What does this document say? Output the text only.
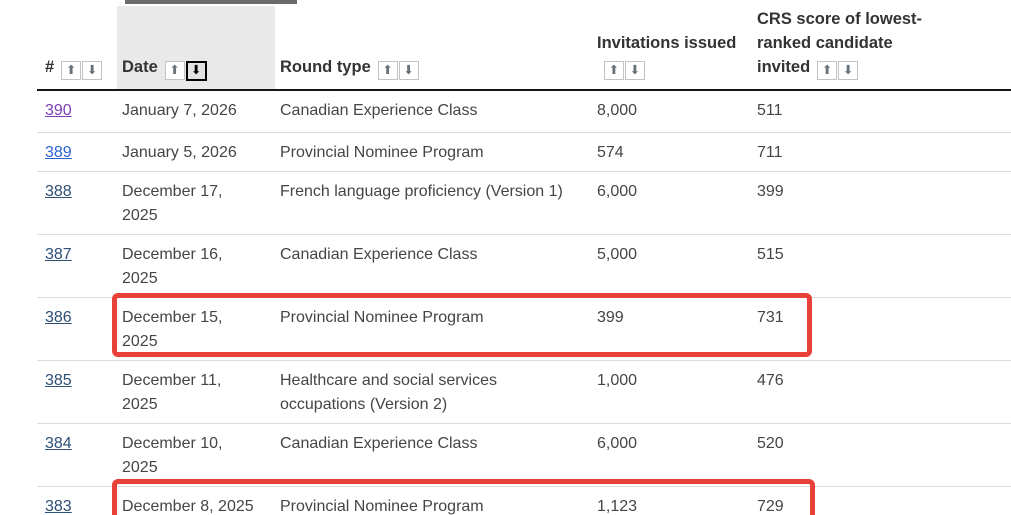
# ⬆ ⬇	Date ⬆ ⬇	Round type ⬆ ⬇	Invitations issued⬆ ⬇	CRS score of lowest-ranked candidate invited ⬆ ⬇

390	January 7, 2026	Canadian Experience Class	8,000	511
389	January 5, 2026	Provincial Nominee Program	574	711
388	December 17, 2025	French language proficiency (Version 1)	6,000	399
387	December 16, 2025	Canadian Experience Class	5,000	515
386	December 15, 2025	Provincial Nominee Program	399	731
385	December 11, 2025	Healthcare and social services occupations (Version 2)	1,000	476
384	December 10, 2025	Canadian Experience Class	6,000	520
383	December 8, 2025	Provincial Nominee Program	1,123	729
